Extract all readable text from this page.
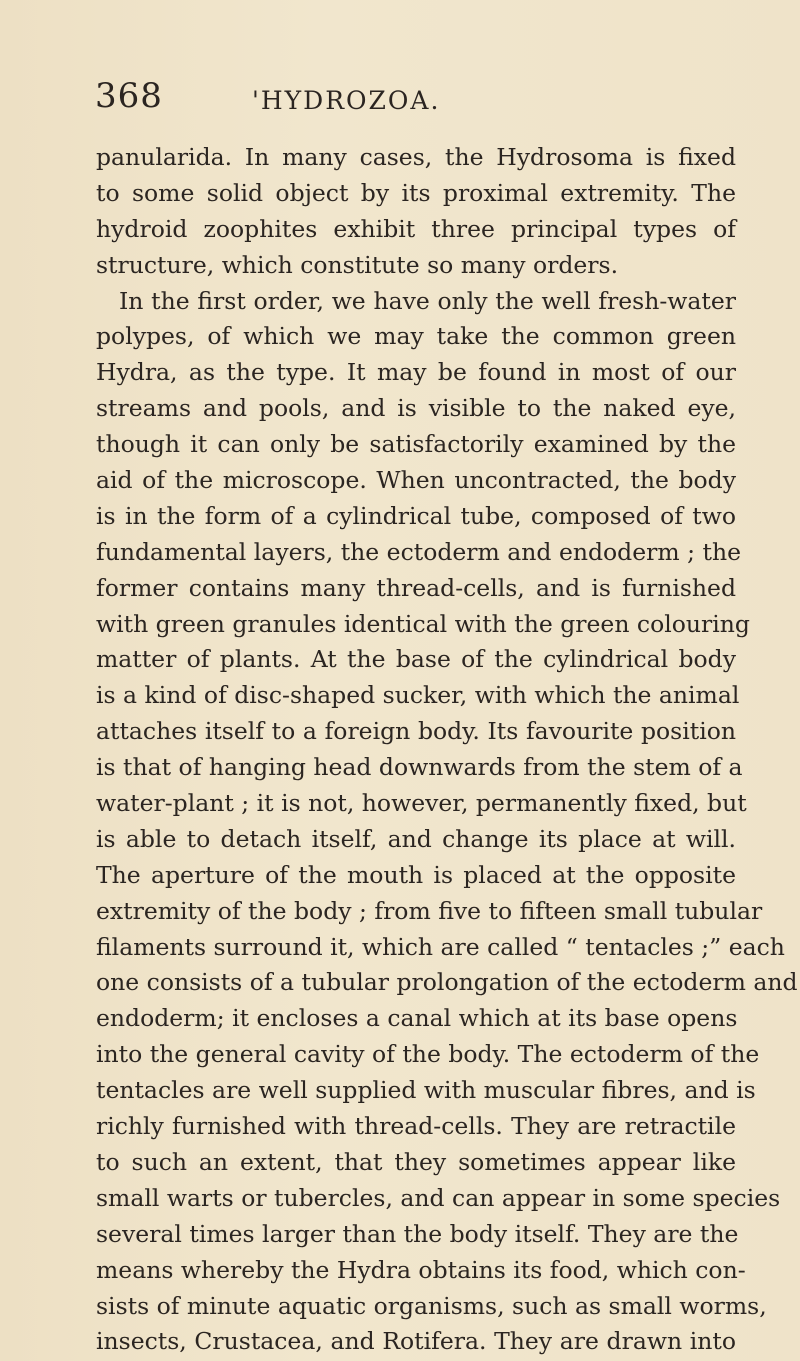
368	'HYDROZOA.
panularida. In many cases, the Hydrosoma is fixed
to some solid object by its proximal extremity. The
hydroid zoophites exhibit three principal types of
structure, which constitute so many orders.
In the first order, we have only the well fresh-water
polypes, of which we may take the common green
Hydra, as the type. It may be found in most of our
streams and pools, and is visible to the naked eye,
though it can only be satisfactorily examined by the
aid of the microscope. When uncontracted, the body
is in the form of a cylindrical tube, composed of two
fundamental layers, the ectoderm and endoderm ; the
former contains many thread-cells, and is furnished
with green granules identical with the green colouring
matter of plants. At the base of the cylindrical body
is a kind of disc-shaped sucker, with which the animal
attaches itself to a foreign body. Its favourite position
is that of hanging head downwards from the stem of a
water-plant ; it is not, however, permanently fixed, but
is able to detach itself, and change its place at will.
The aperture of the mouth is placed at the opposite
extremity of the body ; from five to fifteen small tubular
filaments surround it, which are called “ tentacles ;” each
one consists of a tubular prolongation of the ectoderm and
endoderm; it encloses a canal which at its base opens
into the general cavity of the body. The ectoderm of the
tentacles are well supplied with muscular fibres, and is
richly furnished with thread-cells. They are retractile
to such an extent, that they sometimes appear like
small warts or tubercles, and can appear in some species
several times larger than the body itself. They are the
means whereby the Hydra obtains its food, which con-
sists of minute aquatic organisms, such as small worms,
insects, Crustacea, and Rotifera. They are drawn into
